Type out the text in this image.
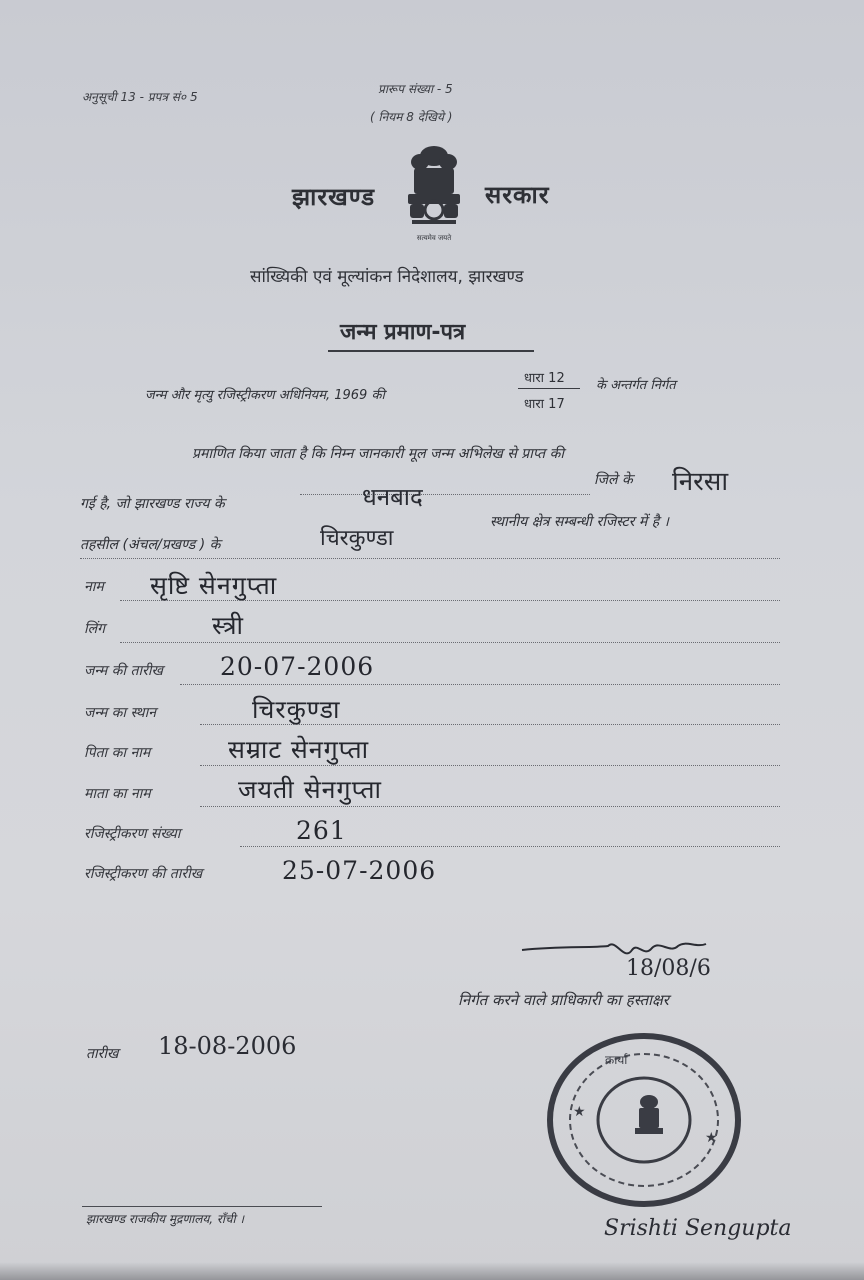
अनुसूची 13 - प्रपत्र सं० 5
प्रारूप संख्या - 5
( नियम 8 देखिये )
सत्यमेव जयते
झारखण्ड	सरकार
सांख्यिकी एवं मूल्यांकन निदेशालय, झारखण्ड
जन्म प्रमाण-पत्र
जन्म और मृत्यु रजिस्ट्रीकरण अधिनियम, 1969 की
धारा 12
धारा 17
के अन्तर्गत निर्गत
प्रमाणित किया जाता है कि निम्न जानकारी मूल जन्म अभिलेख से प्राप्त की
गई है, जो झारखण्ड राज्य के	धनबाद
जिले के निरसा
तहसील (अंचल/प्रखण्ड ) के	चिरकुण्डा
स्थानीय क्षेत्र सम्बन्धी रजिस्टर में है ।
नाम सृष्टि सेनगुप्ता
लिंग	स्त्री
जन्म की तारीख 20-07-2006
जन्म का स्थान	चिरकुण्डा
पिता का नाम	सम्राट सेनगुप्ता
माता का नाम	जयती सेनगुप्ता
रजिस्ट्रीकरण संख्या	261
रजिस्ट्रीकरण की तारीख	25-07-2006
18/08/6
निर्गत करने वाले प्राधिकारी का हस्ताक्षर
तारीख 18-08-2006
★
★
कार्या
झारखण्ड राजकीय मुद्रणालय, राँची ।	Srishti Sengupta
